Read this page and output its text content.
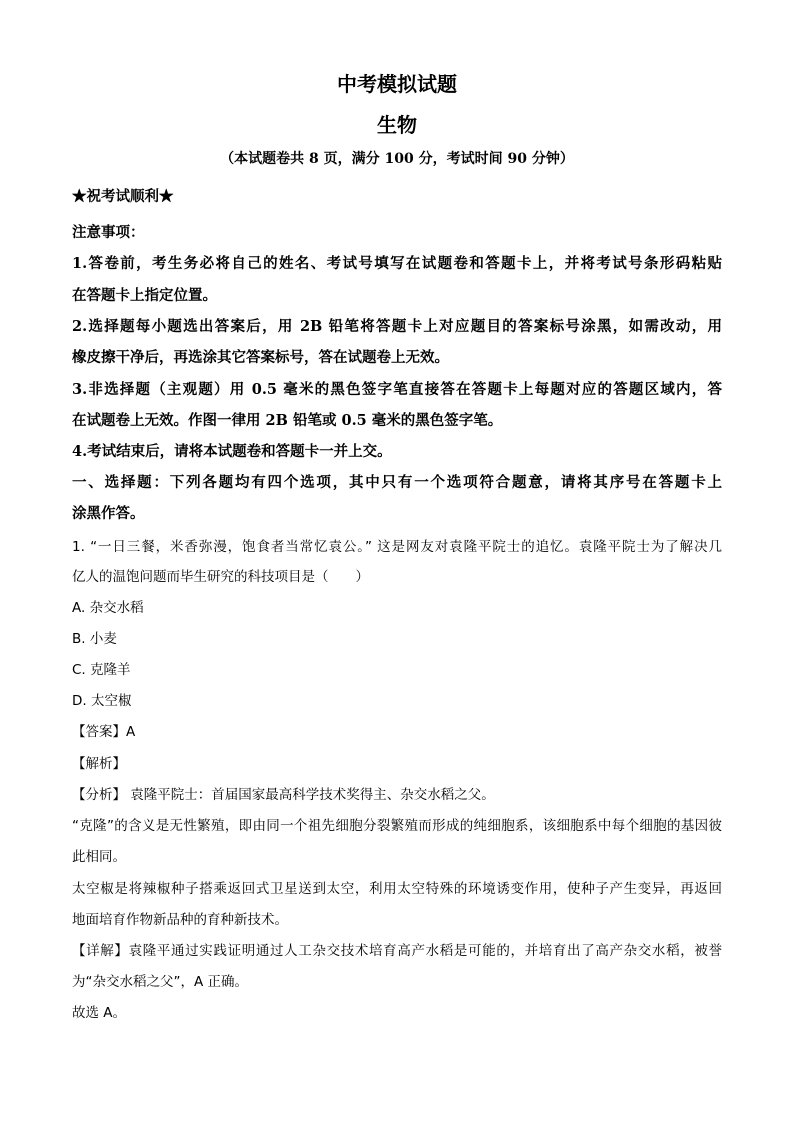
中考模拟试题
生物
（本试题卷共 8 页，满分 100 分，考试时间 90 分钟）
★祝考试顺利★
注意事项：
1.答卷前，考生务必将自己的姓名、考试号填写在试题卷和答题卡上，并将考试号条形码粘贴
在答题卡上指定位置。
2.选择题每小题选出答案后，用 2B 铅笔将答题卡上对应题目的答案标号涂黑，如需改动，用
橡皮擦干净后，再选涂其它答案标号，答在试题卷上无效。
3.非选择题（主观题）用 0.5 毫米的黑色签字笔直接答在答题卡上每题对应的答题区域内，答
在试题卷上无效。作图一律用 2B 铅笔或 0.5 毫米的黑色签字笔。
4.考试结束后，请将本试题卷和答题卡一并上交。
一、选择题：下列各题均有四个选项，其中只有一个选项符合题意，请将其序号在答题卡上
涂黑作答。
1. “一日三餐，米香弥漫，饱食者当常忆袁公。” 这是网友对袁隆平院士的追忆。袁隆平院士为了解决几
亿人的温饱问题而毕生研究的科技项目是（　　）
A. 杂交水稻
B. 小麦
C. 克隆羊
D. 太空椒
【答案】A
【解析】
【分析】 袁隆平院士：首届国家最高科学技术奖得主、杂交水稻之父。
“克隆”的含义是无性繁殖，即由同一个祖先细胞分裂繁殖而形成的纯细胞系，该细胞系中每个细胞的基因彼
此相同。
太空椒是将辣椒种子搭乘返回式卫星送到太空，利用太空特殊的环境诱变作用，使种子产生变异，再返回
地面培育作物新品种的育种新技术。
【详解】袁隆平通过实践证明通过人工杂交技术培育高产水稻是可能的，并培育出了高产杂交水稻，被誉
为“杂交水稻之父”，A 正确。
故选 A。
